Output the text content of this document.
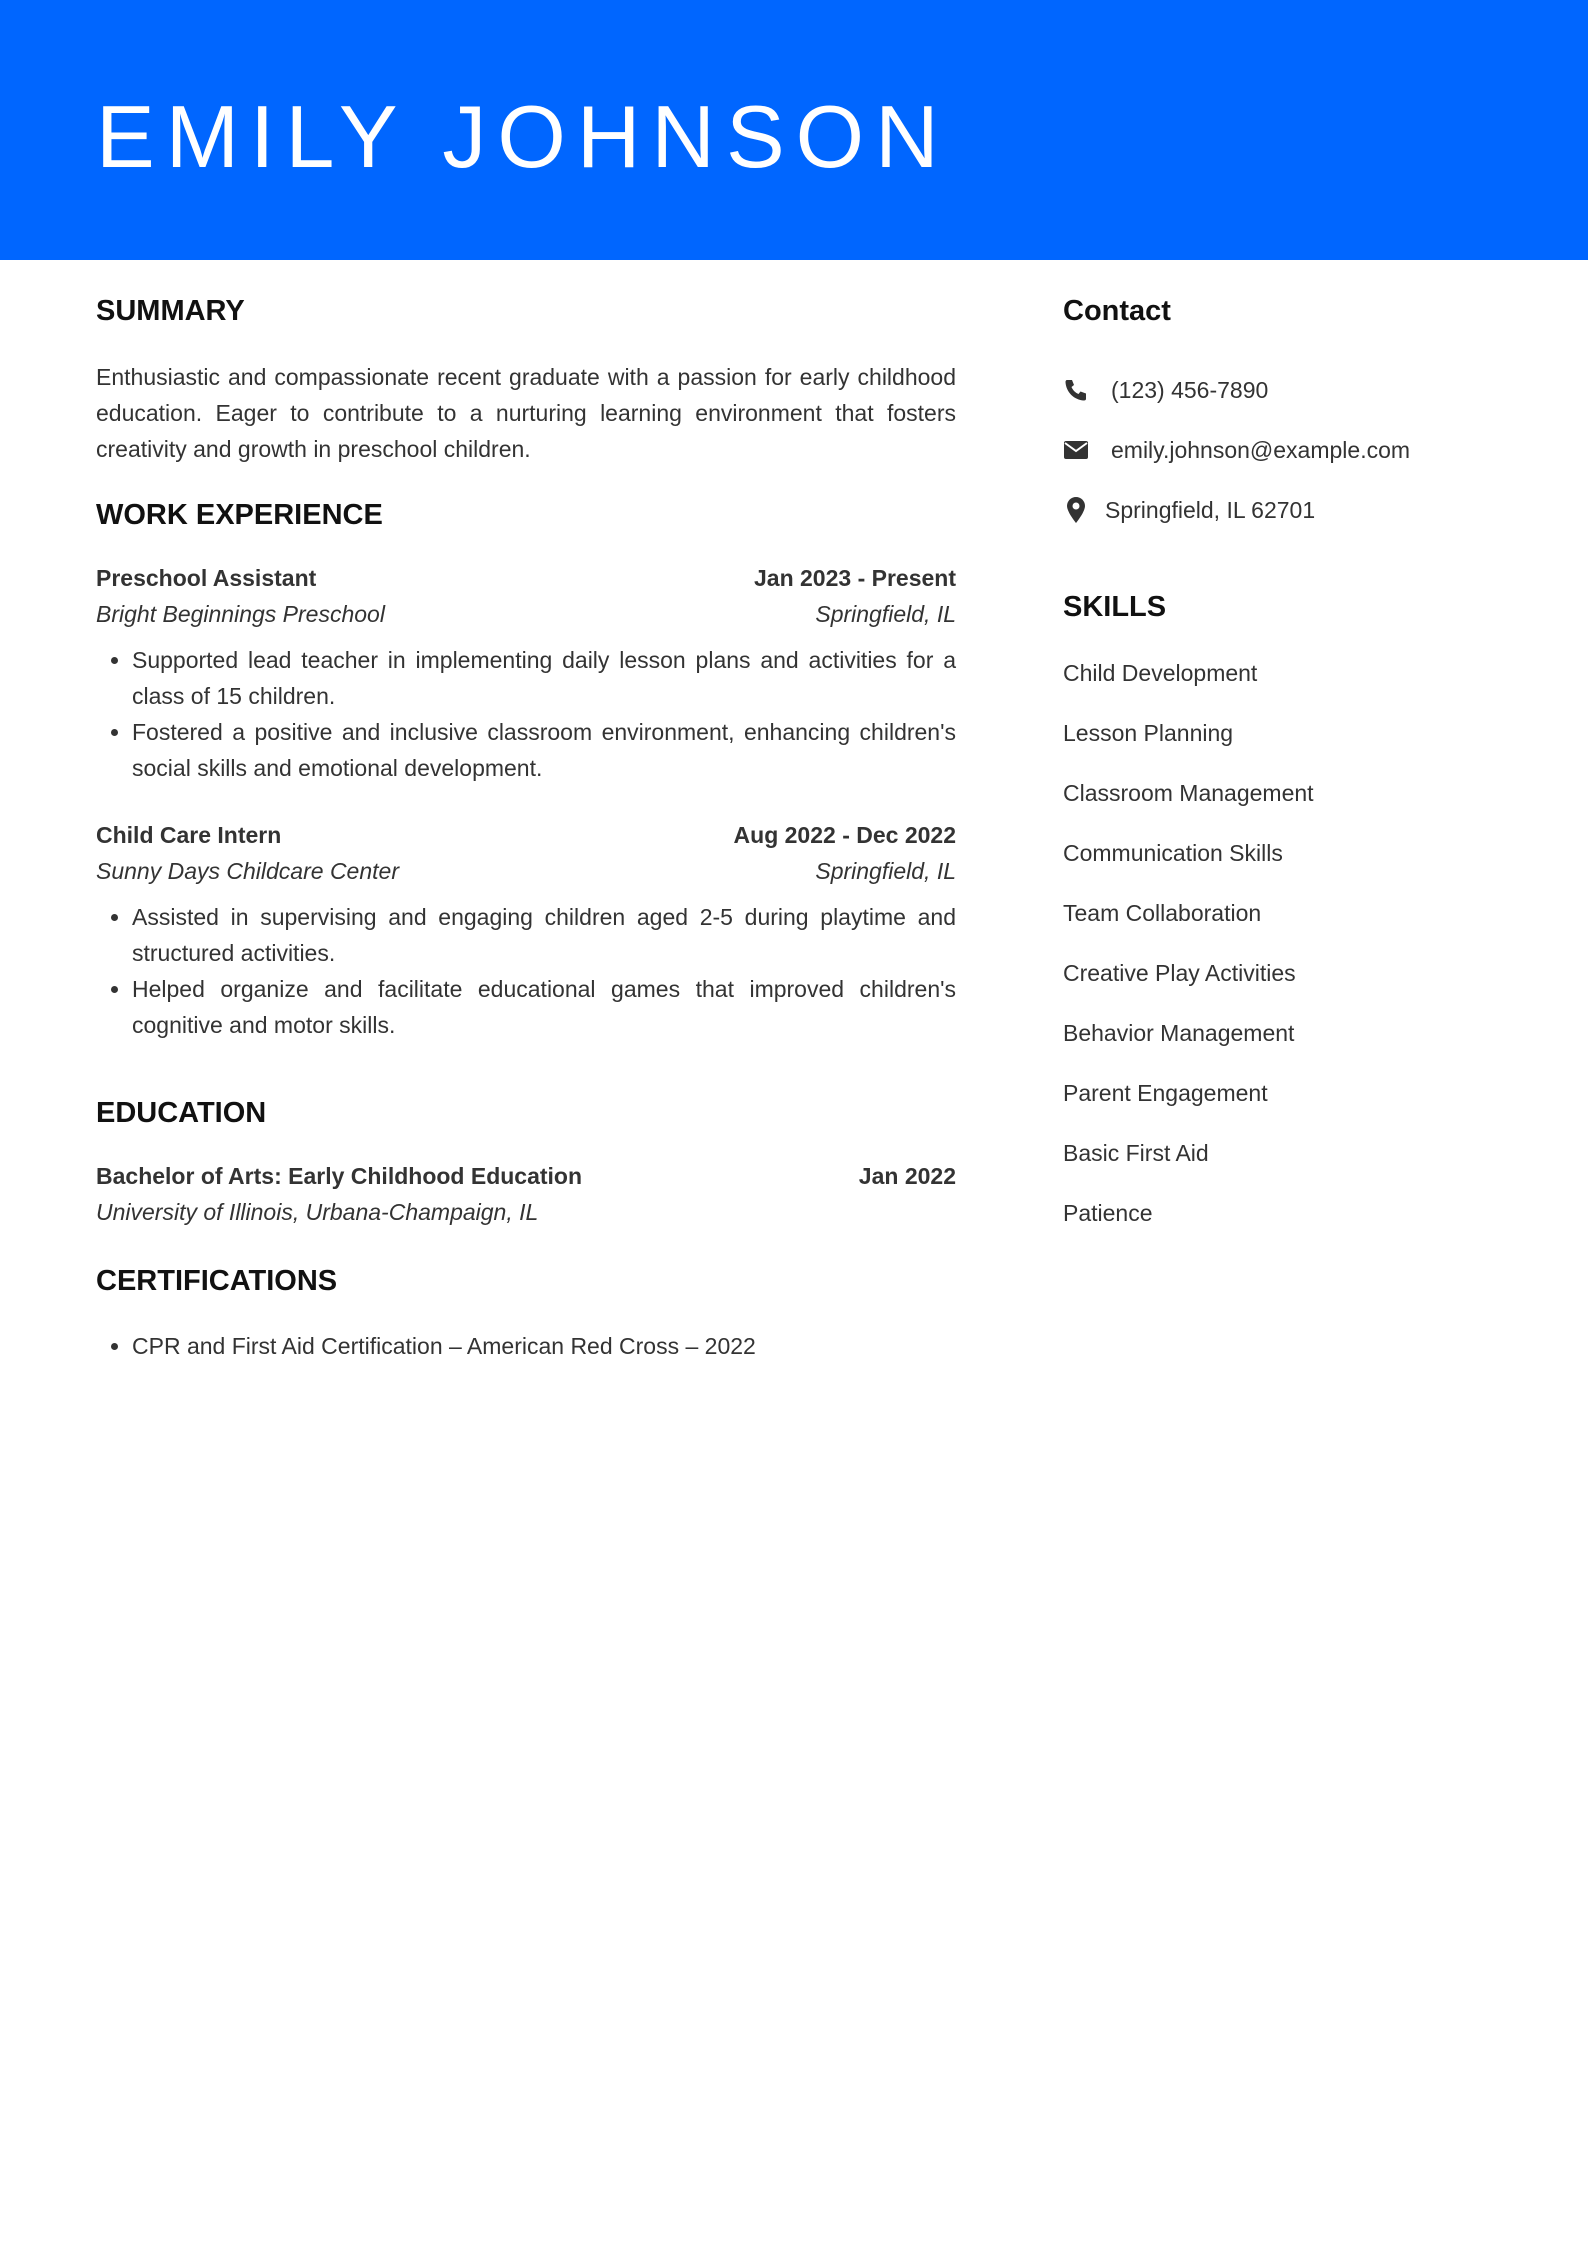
EMILY JOHNSON
SUMMARY

Enthusiastic and compassionate recent graduate with a passion for early childhood education. Eager to contribute to a nurturing learning environment that fosters creativity and growth in preschool children.

WORK EXPERIENCE
Preschool Assistant	Jan 2023 - Present
Bright Beginnings Preschool	Springfield, IL
• Supported lead teacher in implementing daily lesson plans and activities for a class of 15 children.
• Fostered a positive and inclusive classroom environment, enhancing children's social skills and emotional development.
Child Care Intern	Aug 2022 - Dec 2022
Sunny Days Childcare Center	Springfield, IL
• Assisted in supervising and engaging children aged 2-5 during playtime and structured activities.
• Helped organize and facilitate educational games that improved children's cognitive and motor skills.
EDUCATION
Bachelor of Arts: Early Childhood Education	Jan 2022
University of Illinois, Urbana-Champaign, IL
CERTIFICATIONS
• CPR and First Aid Certification – American Red Cross – 2022
Contact
(123) 456-7890
emily.johnson@example.com
Springfield, IL 62701
SKILLS
Child Development
Lesson Planning
Classroom Management
Communication Skills
Team Collaboration
Creative Play Activities
Behavior Management
Parent Engagement
Basic First Aid
Patience
